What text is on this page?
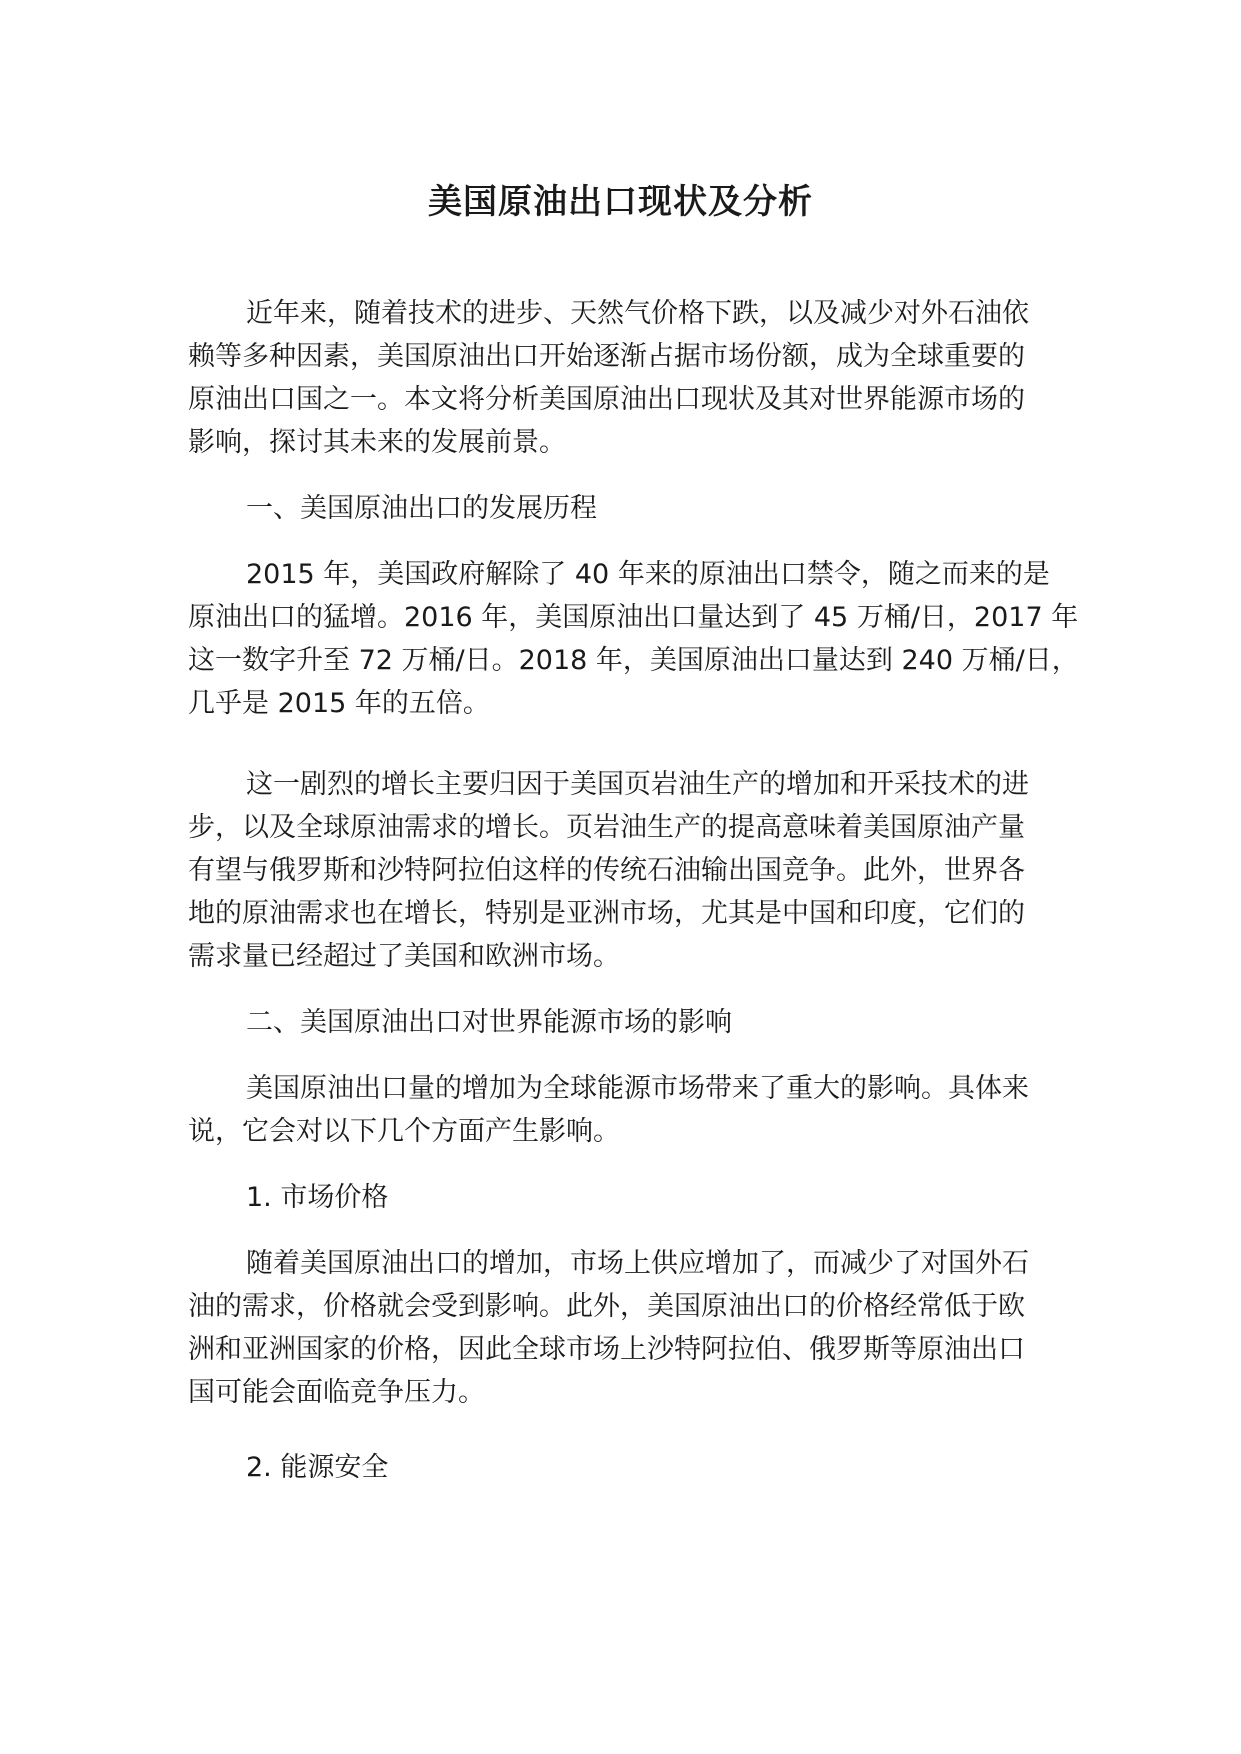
美国原油出口现状及分析
近年来，随着技术的进步、天然气价格下跌，以及减少对外石油依
赖等多种因素，美国原油出口开始逐渐占据市场份额，成为全球重要的
原油出口国之一。本文将分析美国原油出口现状及其对世界能源市场的
影响，探讨其未来的发展前景。
一、美国原油出口的发展历程
2015 年，美国政府解除了 40 年来的原油出口禁令，随之而来的是
原油出口的猛增。2016 年，美国原油出口量达到了 45 万桶/日，2017 年
这一数字升至 72 万桶/日。2018 年，美国原油出口量达到 240 万桶/日，
几乎是 2015 年的五倍。
这一剧烈的增长主要归因于美国页岩油生产的增加和开采技术的进
步，以及全球原油需求的增长。页岩油生产的提高意味着美国原油产量
有望与俄罗斯和沙特阿拉伯这样的传统石油输出国竞争。此外，世界各
地的原油需求也在增长，特别是亚洲市场，尤其是中国和印度，它们的
需求量已经超过了美国和欧洲市场。
二、美国原油出口对世界能源市场的影响
美国原油出口量的增加为全球能源市场带来了重大的影响。具体来
说，它会对以下几个方面产生影响。
1. 市场价格
随着美国原油出口的增加，市场上供应增加了，而减少了对国外石
油的需求，价格就会受到影响。此外，美国原油出口的价格经常低于欧
洲和亚洲国家的价格，因此全球市场上沙特阿拉伯、俄罗斯等原油出口
国可能会面临竞争压力。
2. 能源安全
